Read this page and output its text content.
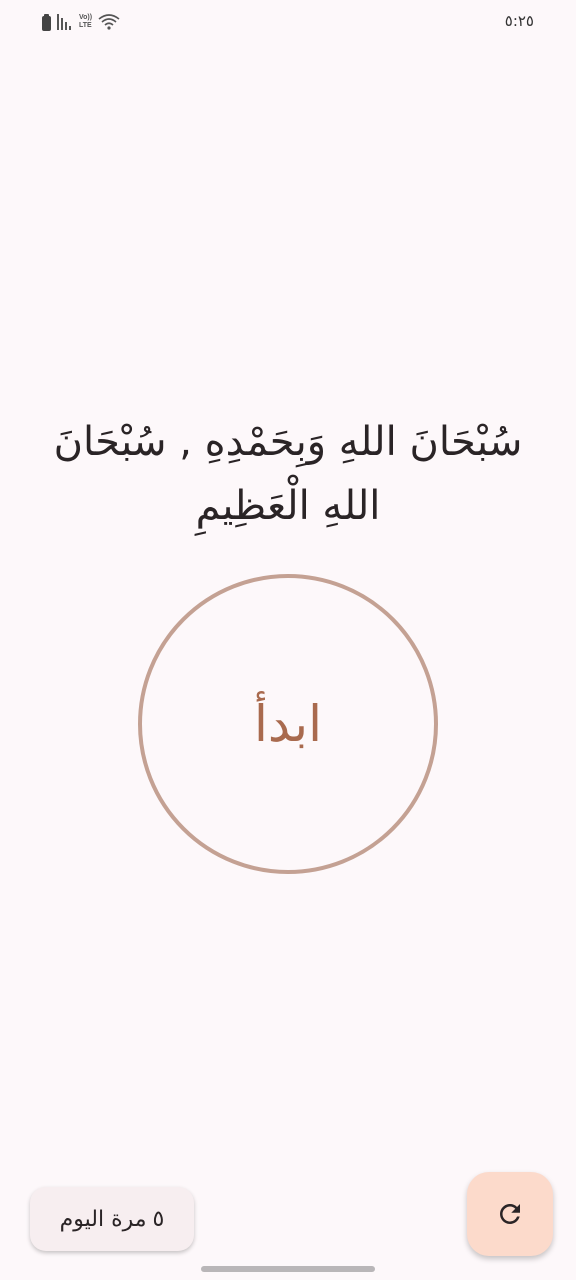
Vo))
LTE	٥:٢٥
سُبْحَانَ اللهِ وَبِحَمْدِهِ , سُبْحَانَ اللهِ الْعَظِيمِ
ابدأ
٥
مرة اليوم
